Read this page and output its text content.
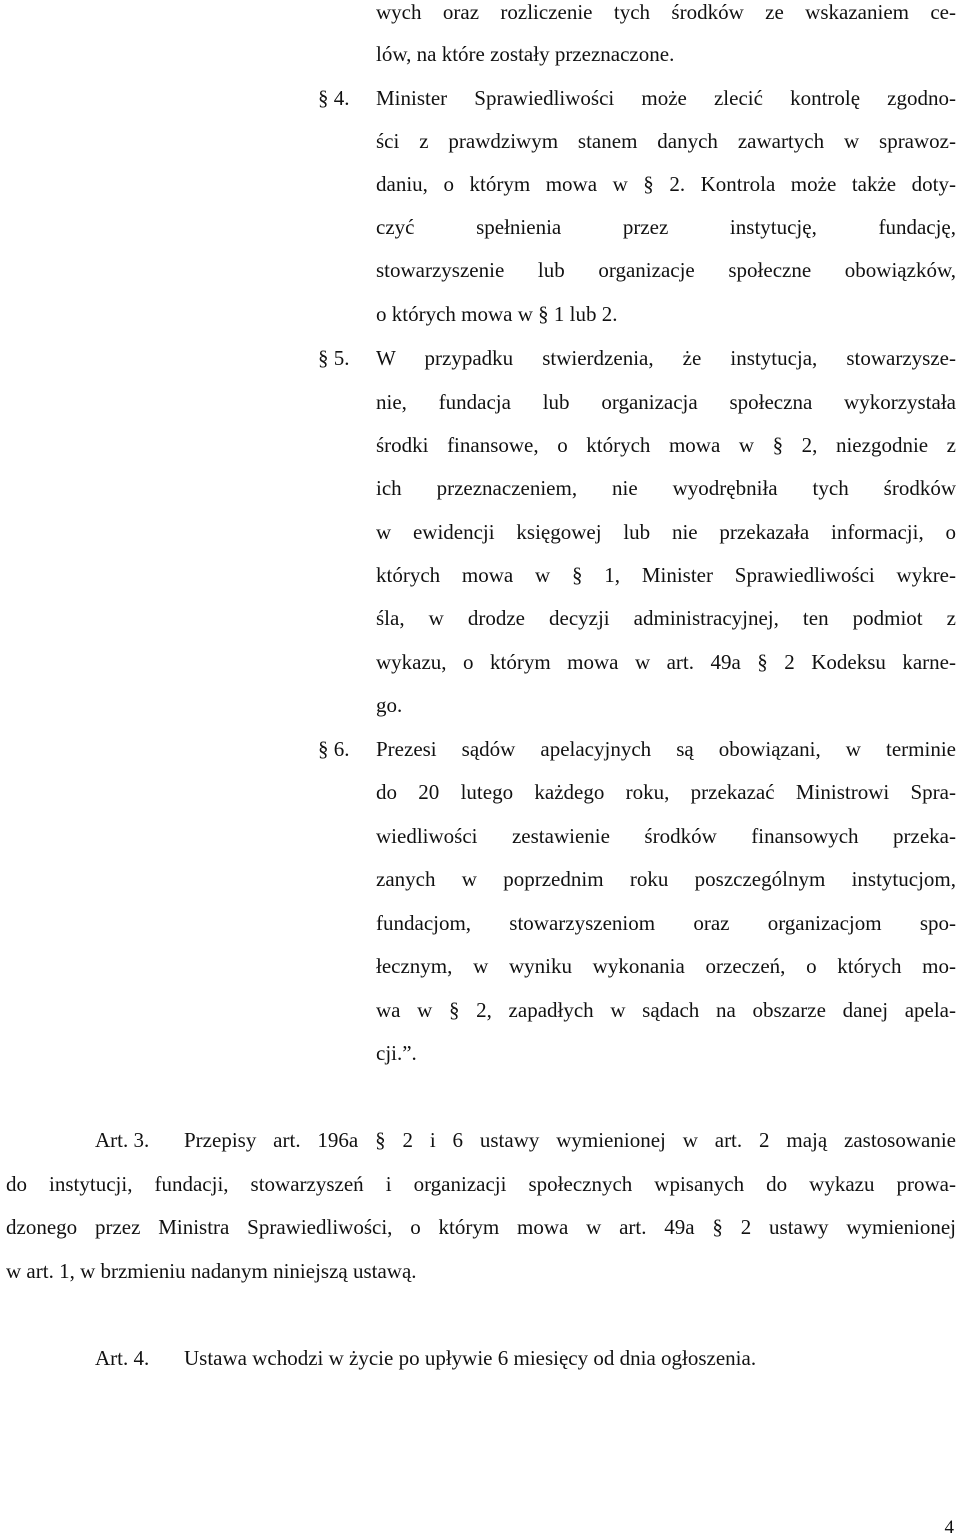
wych oraz rozliczenie tych środków ze wskazaniem ce-
lów, na które zostały przeznaczone.
§ 4. Minister Sprawiedliwości może zlecić kontrolę zgodno-
ści z prawdziwym stanem danych zawartych w sprawoz-
daniu, o którym mowa w § 2. Kontrola może także doty-
czyć spełnienia przez instytucję, fundację,
stowarzyszenie lub organizacje społeczne obowiązków,
o których mowa w § 1 lub 2.
§ 5. W przypadku stwierdzenia, że instytucja, stowarzysze-
nie, fundacja lub organizacja społeczna wykorzystała
środki finansowe, o których mowa w § 2, niezgodnie z
ich przeznaczeniem, nie wyodrębniła tych środków
w ewidencji księgowej lub nie przekazała informacji, o
których mowa w § 1, Minister Sprawiedliwości wykre-
śla, w drodze decyzji administracyjnej, ten podmiot z
wykazu, o którym mowa w art. 49a § 2 Kodeksu karne-
go.
§ 6. Prezesi sądów apelacyjnych są obowiązani, w terminie
do 20 lutego każdego roku, przekazać Ministrowi Spra-
wiedliwości zestawienie środków finansowych przeka-
zanych w poprzednim roku poszczególnym instytucjom,
fundacjom, stowarzyszeniom oraz organizacjom spo-
łecznym, w wyniku wykonania orzeczeń, o których mo-
wa w § 2, zapadłych w sądach na obszarze danej apela-
cji.”.
Art. 3. Przepisy art. 196a § 2 i 6 ustawy wymienionej w art. 2 mają zastosowanie
do instytucji, fundacji, stowarzyszeń i organizacji społecznych wpisanych do wykazu prowa-
dzonego przez Ministra Sprawiedliwości, o którym mowa w art. 49a § 2 ustawy wymienionej
w art. 1, w brzmieniu nadanym niniejszą ustawą.
Art. 4. Ustawa wchodzi w życie po upływie 6 miesięcy od dnia ogłoszenia.
4
